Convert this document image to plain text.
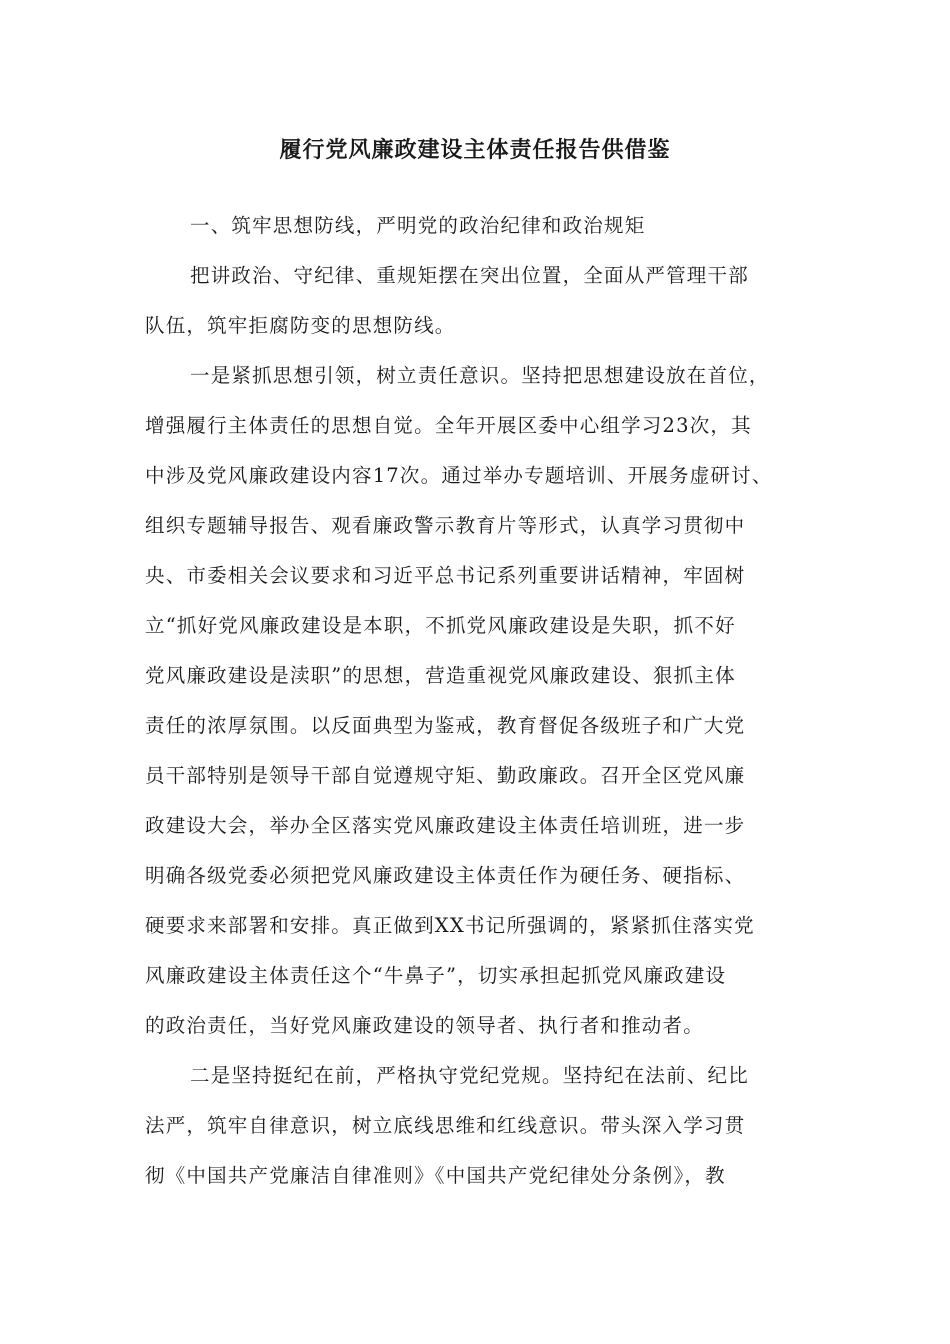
履行党风廉政建设主体责任报告供借鉴
一、筑牢思想防线，严明党的政治纪律和政治规矩
把讲政治、守纪律、重规矩摆在突出位置，全面从严管理干部
队伍，筑牢拒腐防变的思想防线。
一是紧抓思想引领，树立责任意识。坚持把思想建设放在首位，
增强履行主体责任的思想自觉。全年开展区委中心组学习23次，其
中涉及党风廉政建设内容17次。通过举办专题培训、开展务虚研讨、
组织专题辅导报告、观看廉政警示教育片等形式，认真学习贯彻中
央、市委相关会议要求和习近平总书记系列重要讲话精神，牢固树
立“抓好党风廉政建设是本职，不抓党风廉政建设是失职，抓不好
党风廉政建设是渎职”的思想，营造重视党风廉政建设、狠抓主体
责任的浓厚氛围。以反面典型为鉴戒，教育督促各级班子和广大党
员干部特别是领导干部自觉遵规守矩、勤政廉政。召开全区党风廉
政建设大会，举办全区落实党风廉政建设主体责任培训班，进一步
明确各级党委必须把党风廉政建设主体责任作为硬任务、硬指标、
硬要求来部署和安排。真正做到XX书记所强调的，紧紧抓住落实党
风廉政建设主体责任这个“牛鼻子”，切实承担起抓党风廉政建设
的政治责任，当好党风廉政建设的领导者、执行者和推动者。
二是坚持挺纪在前，严格执守党纪党规。坚持纪在法前、纪比
法严，筑牢自律意识，树立底线思维和红线意识。带头深入学习贯
彻《中国共产党廉洁自律准则》《中国共产党纪律处分条例》，教
